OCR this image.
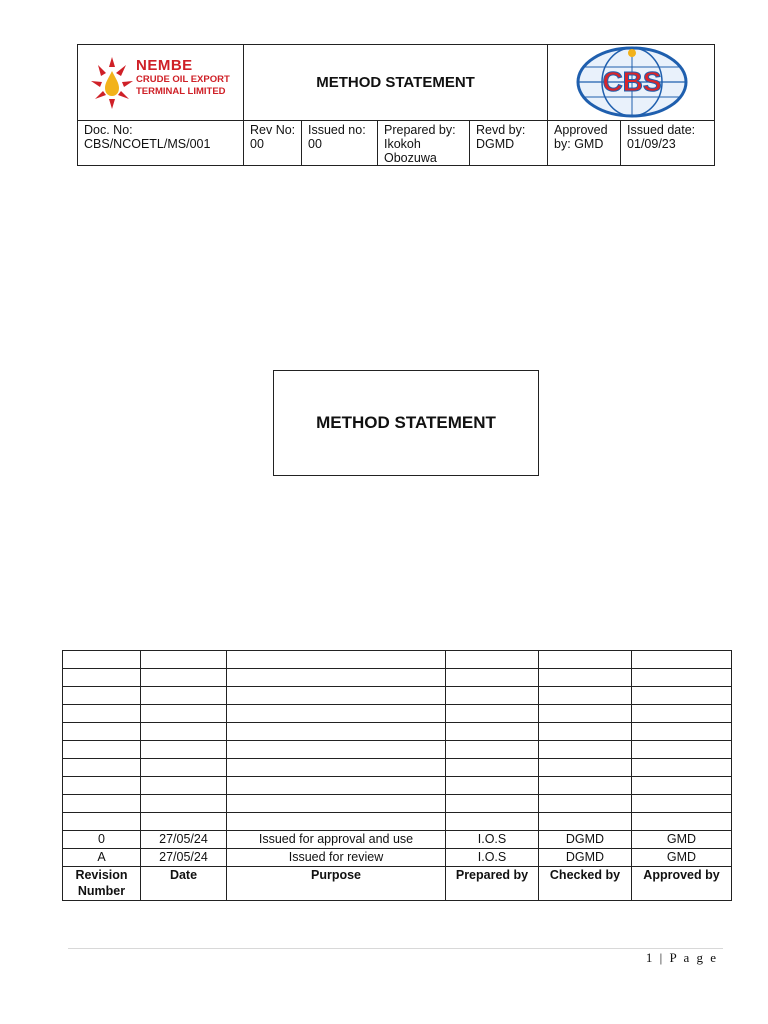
NEMBE
CRUDE OIL EXPORT
TERMINAL LIMITED	METHOD STATEMENT				CBS	

Doc. No: CBS/NCOETL/MS/001	Rev No: 00	Issued no: 00	Prepared by: Ikokoh Obozuwa	Revd by: DGMD	Approved by: GMD	Issued date: 01/09/23
METHOD STATEMENT

0	27/05/24	Issued for approval and use	I.O.S	DGMD	GMD
A	27/05/24	Issued for review	I.O.S	DGMD	GMD
Revision Number	Date	Purpose	Prepared by	Checked by	Approved by
1 | P a g e
